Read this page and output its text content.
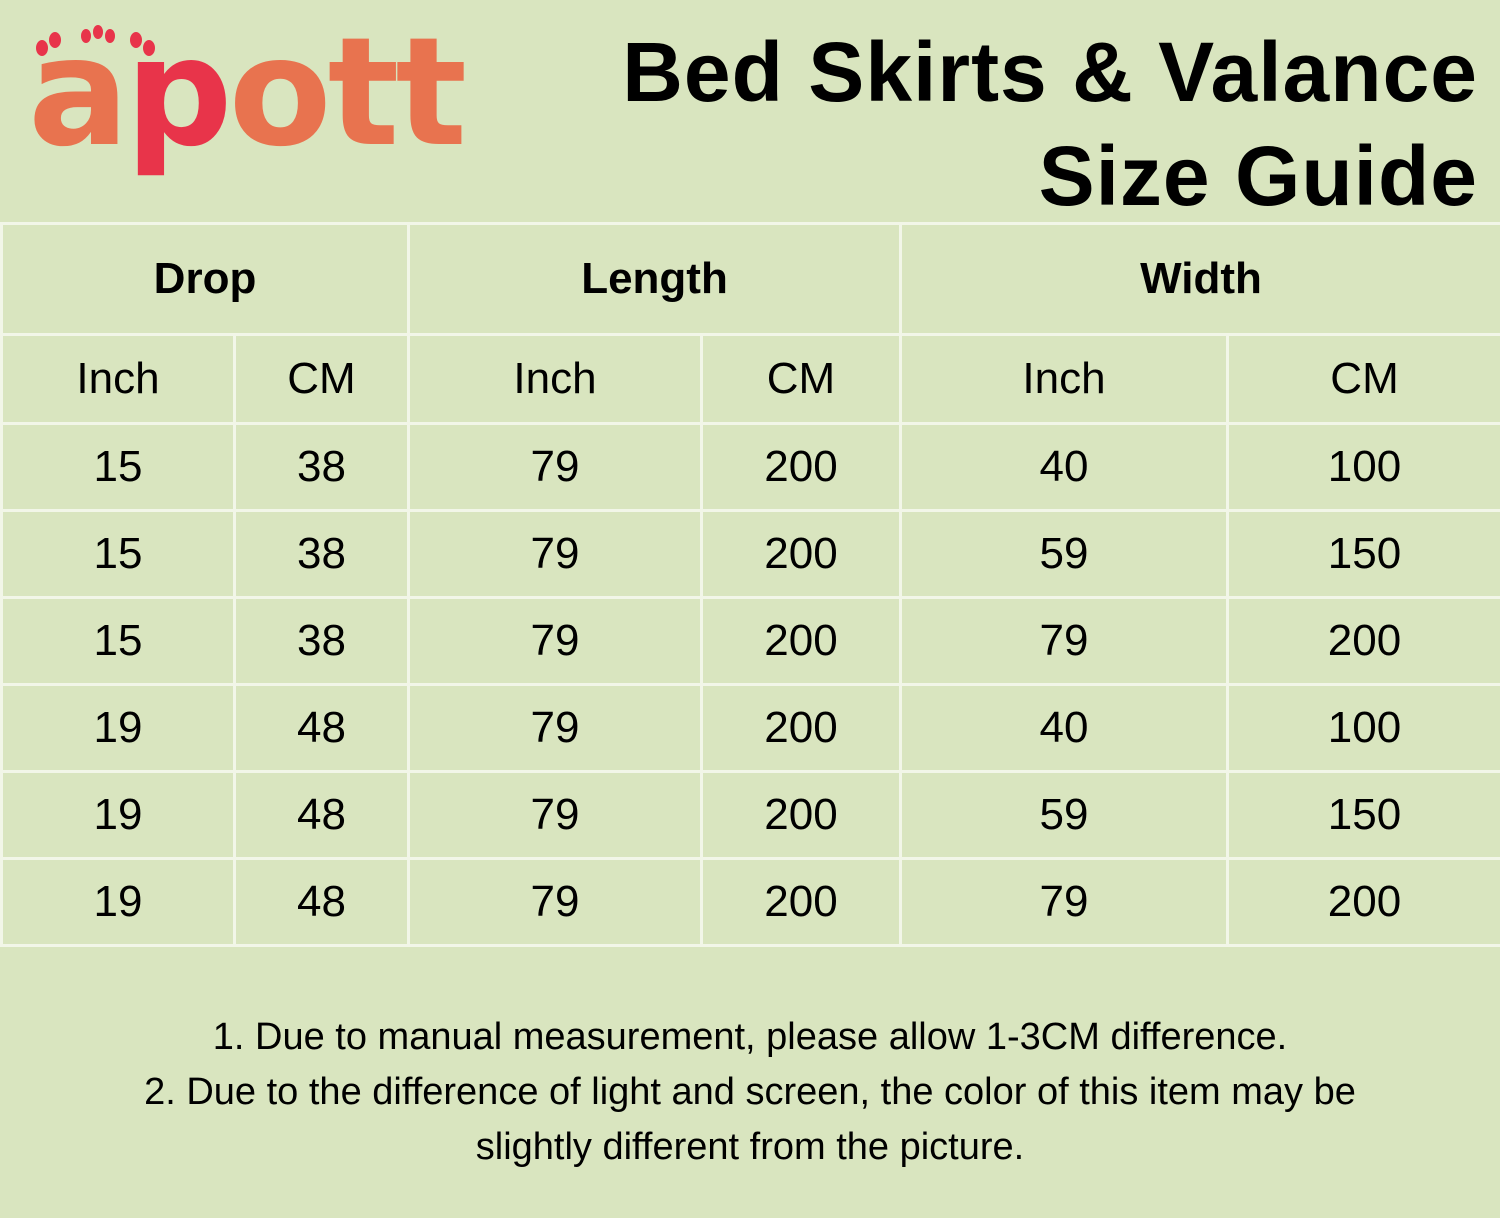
a p o t t Bed Skirts & Valance
Size Guide
Drop		Length		Width	
Inch	CM	Inch	CM	Inch	CM
15	38	79	200	40	100
15	38	79	200	59	150
15	38	79	200	79	200
19	48	79	200	40	100
19	48	79	200	59	150
19	48	79	200	79	200
1. Due to manual measurement, please allow 1-3CM difference.
2. Due to the difference of light and screen, the color of this item may be
slightly different from the picture.
